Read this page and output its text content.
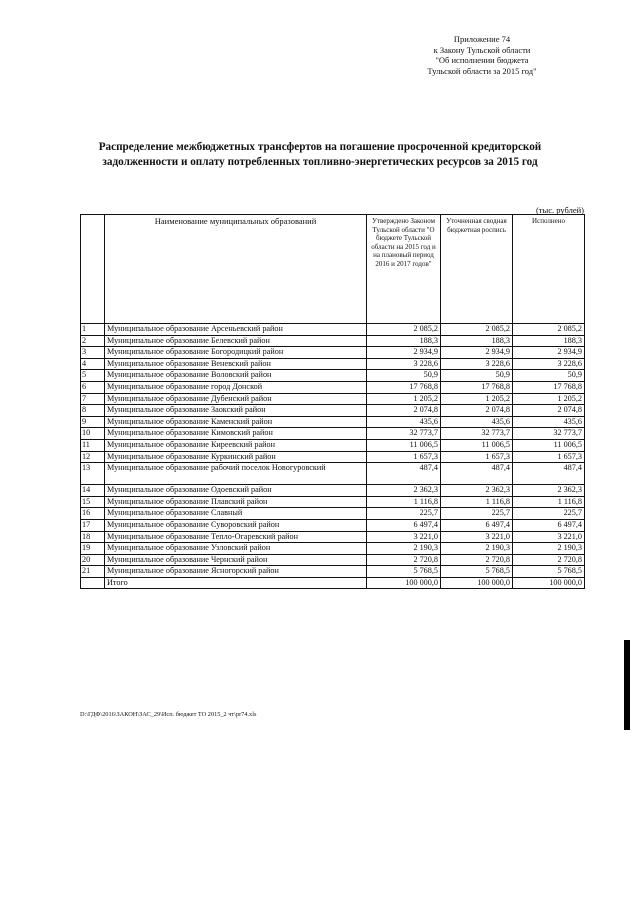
Приложение 74
к Закону Тульской области
"Об исполнении бюджета
Тульской области за 2015 год"
Распределение межбюджетных трансфертов на погашение просроченной кредиторской
задолженности и оплату потребленных топливно-энергетических ресурсов за 2015 год
(тыс. рублей)
	Наименование муниципальных образований	Утверждено Законом Тульской области "О бюджете Тульской области на 2015 год и на плановый период 2016 и 2017 годов"	Уточненная сводная бюджетная роспись	Исполнено
1	Муниципальное образование Арсеньевский район	2 085,2	2 085,2	2 085,2
2	Муниципальное образование Белевский район	188,3	188,3	188,3
3	Муниципальное образование Богородицкий район	2 934,9	2 934,9	2 934,9
4	Муниципальное образование Веневский район	3 228,6	3 228,6	3 228,6
5	Муниципальное образование Воловский район	50,9	50,9	50,9
6	Муниципальное образование город Донской	17 768,8	17 768,8	17 768,8
7	Муниципальное образование Дубенский район	1 205,2	1 205,2	1 205,2
8	Муниципальное образование Заокский район	2 074,8	2 074,8	2 074,8
9	Муниципальное образование Каменский район	435,6	435,6	435,6
10	Муниципальное образование Кимовский район	32 773,7	32 773,7	32 773,7
11	Муниципальное образование Киреевский район	11 006,5	11 006,5	11 006,5
12	Муниципальное образование Куркинский район	1 657,3	1 657,3	1 657,3
13	Муниципальное образование рабочий поселок Новогуровский	487,4	487,4	487,4
14	Муниципальное образование Одоевский район	2 362,3	2 362,3	2 362,3
15	Муниципальное образование Плавский район	1 116,8	1 116,8	1 116,8
16	Муниципальное образование Славный	225,7	225,7	225,7
17	Муниципальное образование Суворовский район	6 497,4	6 497,4	6 497,4
18	Муниципальное образование Тепло-Огаревский район	3 221,0	3 221,0	3 221,0
19	Муниципальное образование Узловский район	2 190,3	2 190,3	2 190,3
20	Муниципальное образование Чернский район	2 720,8	2 720,8	2 720,8
21	Муниципальное образование Ясногорский район	5 768,5	5 768,5	5 768,5
	Итого	100 000,0	100 000,0	100 000,0
D:\ГДФ\2016\ЗАКОН\ЗАС_29\Исп. бюджет ТО 2015_2 чт\pr74.xls
